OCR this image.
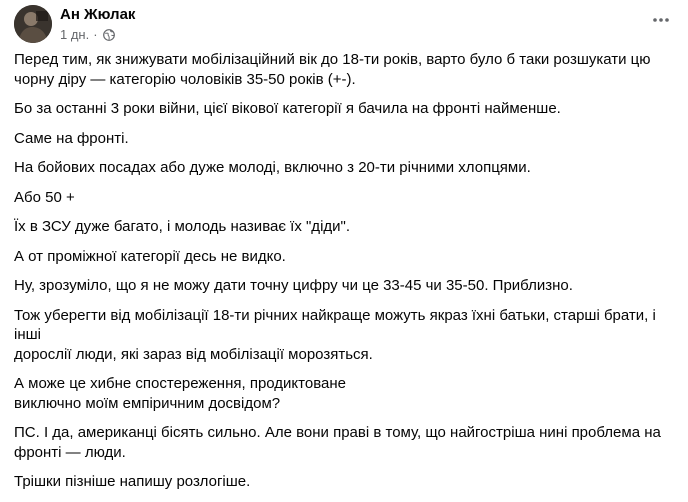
Ан Жюлак
1 дн. ·

Перед тим, як знижувати мобілізаційний вік до 18-ти років, варто було б таки розшукати цю
чорну діру — категорію чоловіків 35-50 років (+-).

Бо за останні 3 роки війни, цієї вікової категорії я бачила на фронті найменше.

Саме на фронті.

На бойових посадах або дуже молоді, включно з 20-ти річними хлопцями.

Або 50 +

Їх в ЗСУ дуже багато, і молодь називає їх "діди".

А от проміжної категорії десь не видко.

Ну, зрозуміло, що я не можу дати точну цифру чи це 33-45 чи 35-50. Приблизно.

Тож уберегти від мобілізації 18-ти річних найкраще можуть якраз їхні батьки, старші брати, і інші
дорослії люди, які зараз від мобілізації морозяться.

А може це хибне спостереження, продиктоване
виключно моїм емпіричним досвідом?

ПС. І да, американці бісять сильно. Але вони праві в тому, що найгостріша нині проблема на
фронті — люди.

Трішки пізніше напишу розлогіше.
